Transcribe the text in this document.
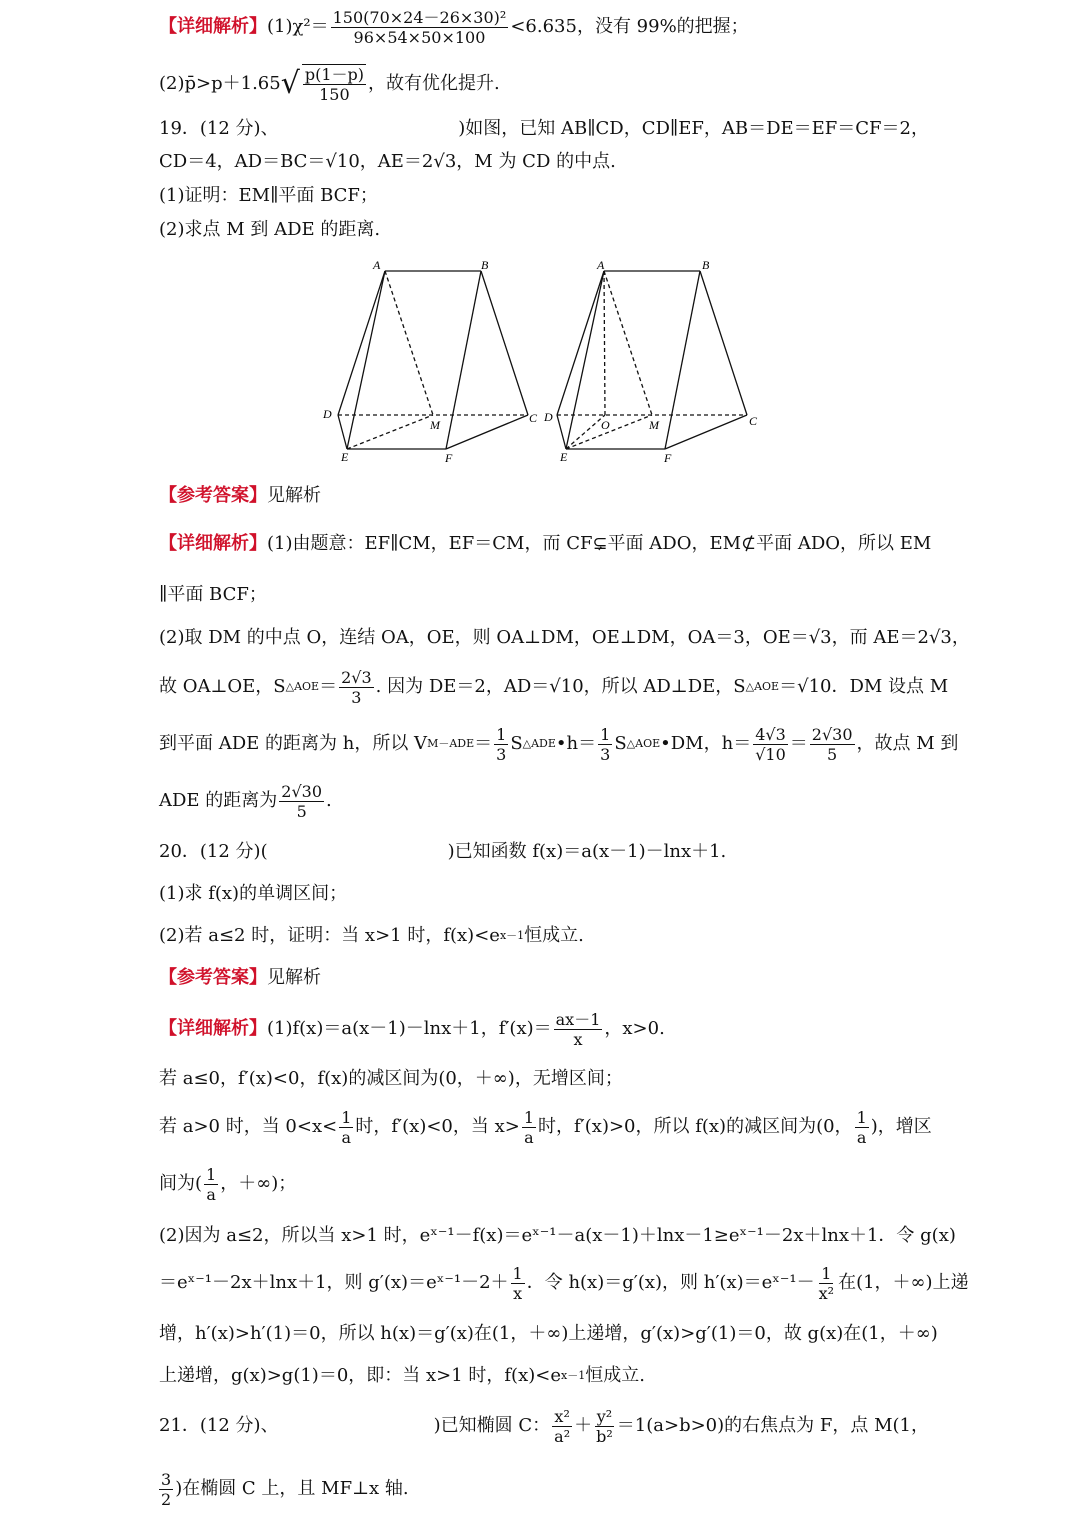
【详细解析】 $(1)\chi^2= \frac{\text{150(70×24－26×30)²}}{96\times 54\times 50\times 100} <6.635$，没有 99%的把握；
(2)p̄>p＋1.65 √ $\frac{p(1-p)}{150}$ ，故有优化提升.
19．(12 分)、	)如图，已知 AB∥CD，CD∥EF，AB＝DE＝EF＝CF＝2，
CD＝4，AD＝BC＝√10，AE＝2√3，M 为 CD 的中点.
(1)证明：EM∥平面 BCF；
(2)求点 M 到 ADE 的距离.
A	B
D
M	C
E	F
A	B
D
O	M	C
E	F
【参考答案】 见解析
【详细解析】 (1)由题意：EF∥CM，EF＝CM，而 CF⊊平面 ADO，EM⊄平面 ADO，所以 EM
∥平面 BCF；
(2)取 DM 的中点 O，连结 OA，OE，则 OA⊥DM，OE⊥DM，OA＝3，OE＝√3，而 AE＝2√3，
故 OA⊥OE，S △AOE ＝ $\frac{2√3}{3}$ . 因为 DE＝2，AD＝√10，所以 AD⊥DE，S △AOE ＝√10．DM 设点 M
到平面 ADE 的距离为 h，所以 V $M-ADE = \frac{1}{3}$ S △ADE •h＝ $\frac{1}{3}$ S △AOE •DM，$h= \frac{4√3}{√10} = \frac{2√30}{5}$ ，故点 M 到
ADE 的距离为 $\frac{2√30}{5}$ .
20．(12 分)(	)已知函数 f(x)＝a(x－1)－lnx＋1.
(1)求 f(x)的单调区间；
(2)若 a≤2 时，证明：当 x>1 时，f(x)<e x－1 恒成立.
【参考答案】 见解析
【详细解析】 (1)f(x)＝a(x－1)－lnx＋1，$f'(x)= \frac{ax-1}{x}$ ，x>0.
若 a≤0，f′(x)<0，f(x)的减区间为(0，＋∞)，无增区间；
若 a>0 时，当 $0<x< \frac{1}{a}$ 时，f′(x)<0，当 $x> \frac{1}{a}$ 时，f′(x)>0，所以 f(x)的减区间为(0， $\frac{1}{a}$ )，增区
间为( $\frac{1}{a}$ ，＋∞)；
(2)因为 a≤2，所以当 x>1 时，eˣ⁻¹－f(x)＝eˣ⁻¹－a(x－1)＋lnx－1≥eˣ⁻¹－2x＋lnx＋1．令 g(x)
＝eˣ⁻¹－2x＋lnx＋1，则 g′(x)＝eˣ⁻¹－2＋ $\frac{1}{x}$ ．令 h(x)＝g′(x)，则 h′(x)＝eˣ⁻¹－ $\frac{1}{\text{x²}}$ 在(1，＋∞)上递
增，h′(x)>h′(1)＝0，所以 h(x)＝g′(x)在(1，＋∞)上递增，g′(x)>g′(1)＝0，故 g(x)在(1，＋∞)
上递增，g(x)>g(1)＝0，即：当 x>1 时，f(x)<e x－1 恒成立.
21．(12 分)、	)已知椭圆 C： $\frac{\text{x²}}{\text{a²}} + \frac{\text{y²}}{\text{b²}} =1(a>b>0)$的右焦点为 F，点 M(1，
$\frac{3}{2}$ )在椭圆 C 上，且 MF⊥x 轴.
